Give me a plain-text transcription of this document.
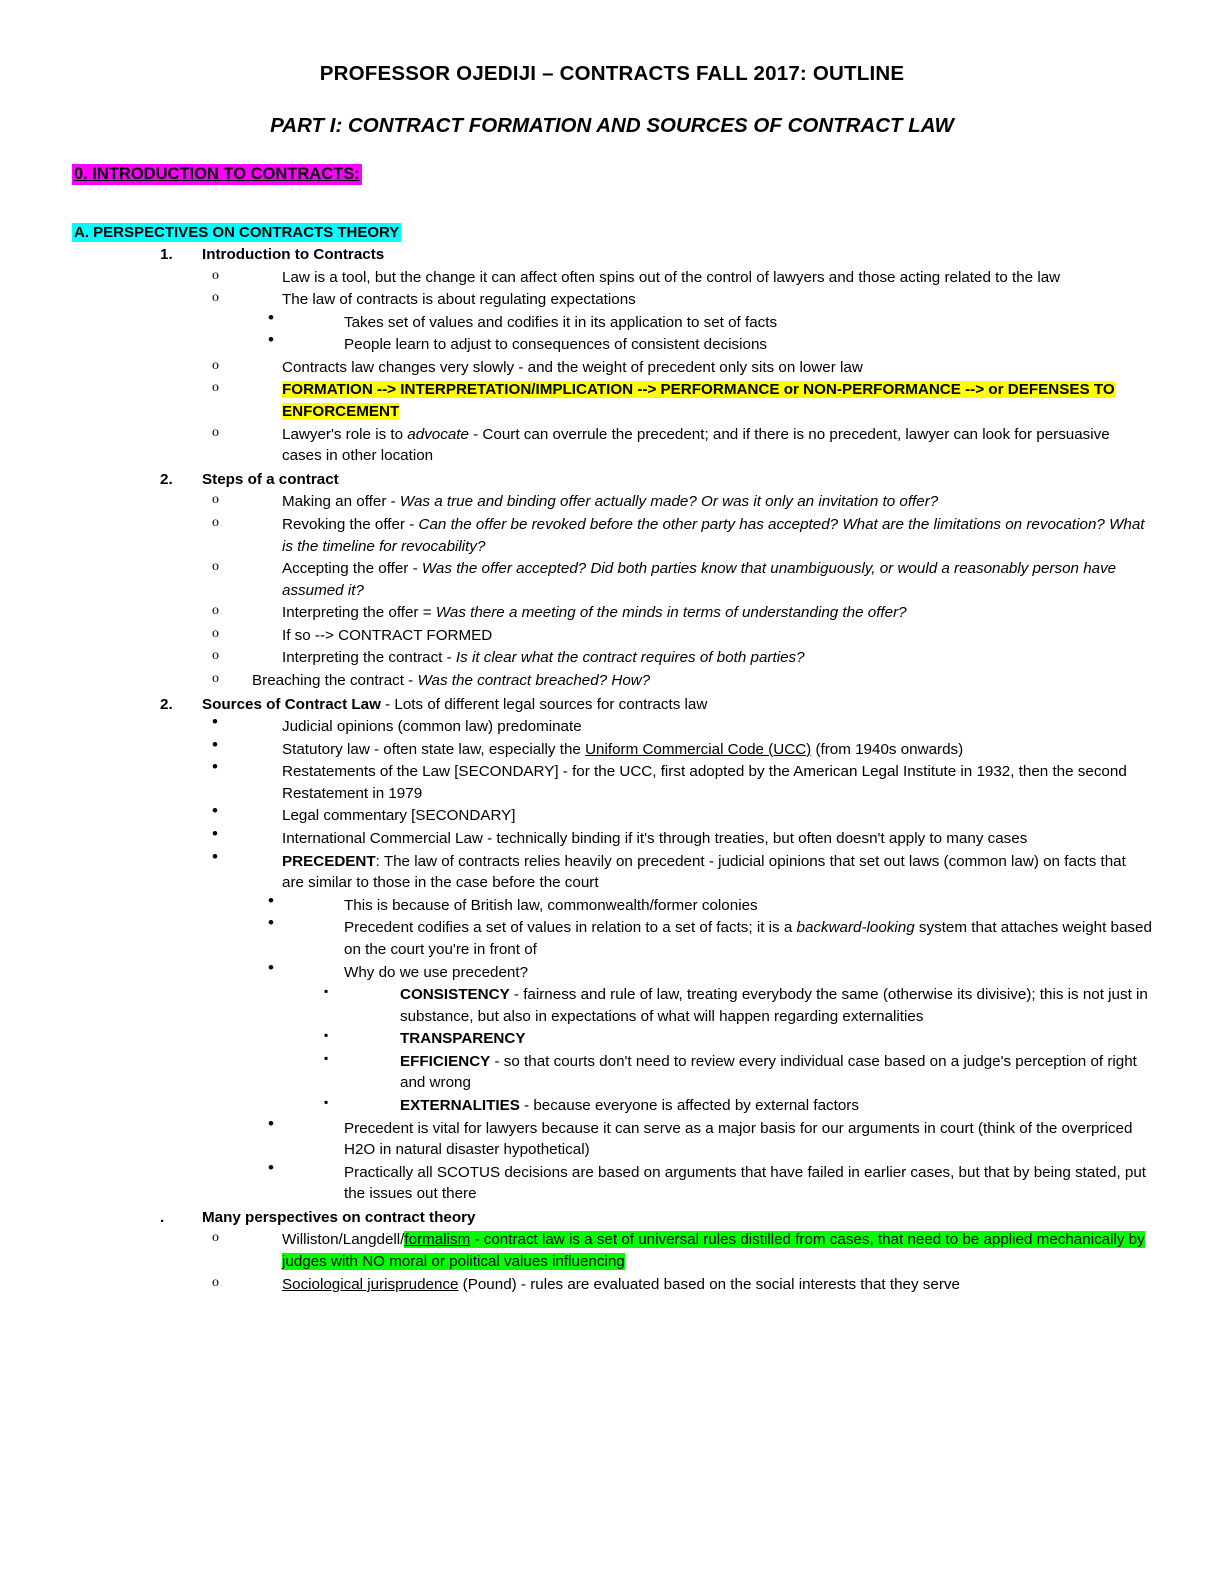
PROFESSOR OJEDIJI – CONTRACTS FALL 2017: OUTLINE
PART I: CONTRACT FORMATION AND SOURCES OF CONTRACT LAW
0. INTRODUCTION TO CONTRACTS:
A. PERSPECTIVES ON CONTRACTS THEORY
1. Introduction to Contracts
o	Law is a tool, but the change it can affect often spins out of the control of lawyers and those acting related to the law
o	The law of contracts is about regulating expectations
•	Takes set of values and codifies it in its application to set of facts
•	People learn to adjust to consequences of consistent decisions
o	Contracts law changes very slowly - and the weight of precedent only sits on lower law
o	FORMATION --> INTERPRETATION/IMPLICATION --> PERFORMANCE or NON-PERFORMANCE --> or DEFENSES TO ENFORCEMENT
o	Lawyer's role is to advocate - Court can overrule the precedent; and if there is no precedent, lawyer can look for persuasive cases in other location
2. Steps of a contract
o	Making an offer - Was a true and binding offer actually made? Or was it only an invitation to offer?
o	Revoking the offer - Can the offer be revoked before the other party has accepted? What are the limitations on revocation? What is the timeline for revocability?
o	Accepting the offer - Was the offer accepted? Did both parties know that unambiguously, or would a reasonably person have assumed it?
o	Interpreting the offer = Was there a meeting of the minds in terms of understanding the offer?
o	If so --> CONTRACT FORMED
o	Interpreting the contract - Is it clear what the contract requires of both parties?
o Breaching the contract - Was the contract breached? How?
2. Sources of Contract Law - Lots of different legal sources for contracts law
•	Judicial opinions (common law) predominate
•	Statutory law - often state law, especially the Uniform Commercial Code (UCC) (from 1940s onwards)
•	Restatements of the Law [SECONDARY] - for the UCC, first adopted by the American Legal Institute in 1932, then the second Restatement in 1979
•	Legal commentary [SECONDARY]
•	International Commercial Law - technically binding if it's through treaties, but often doesn't apply to many cases
•	PRECEDENT: The law of contracts relies heavily on precedent - judicial opinions that set out laws (common law) on facts that are similar to those in the case before the court
•	This is because of British law, commonwealth/former colonies
•	Precedent codifies a set of values in relation to a set of facts; it is a backward-looking system that attaches weight based on the court you're in front of
•	Why do we use precedent?
▪	CONSISTENCY - fairness and rule of law, treating everybody the same (otherwise its divisive); this is not just in substance, but also in expectations of what will happen regarding externalities
▪	TRANSPARENCY
▪	EFFICIENCY - so that courts don't need to review every individual case based on a judge's perception of right and wrong
▪	EXTERNALITIES - because everyone is affected by external factors
•	Precedent is vital for lawyers because it can serve as a major basis for our arguments in court (think of the overpriced H2O in natural disaster hypothetical)
•	Practically all SCOTUS decisions are based on arguments that have failed in earlier cases, but that by being stated, put the issues out there
. Many perspectives on contract theory
o	Williston/Langdell/formalism - contract law is a set of universal rules distilled from cases, that need to be applied mechanically by judges with NO moral or political values influencing
o	Sociological jurisprudence (Pound) - rules are evaluated based on the social interests that they serve
